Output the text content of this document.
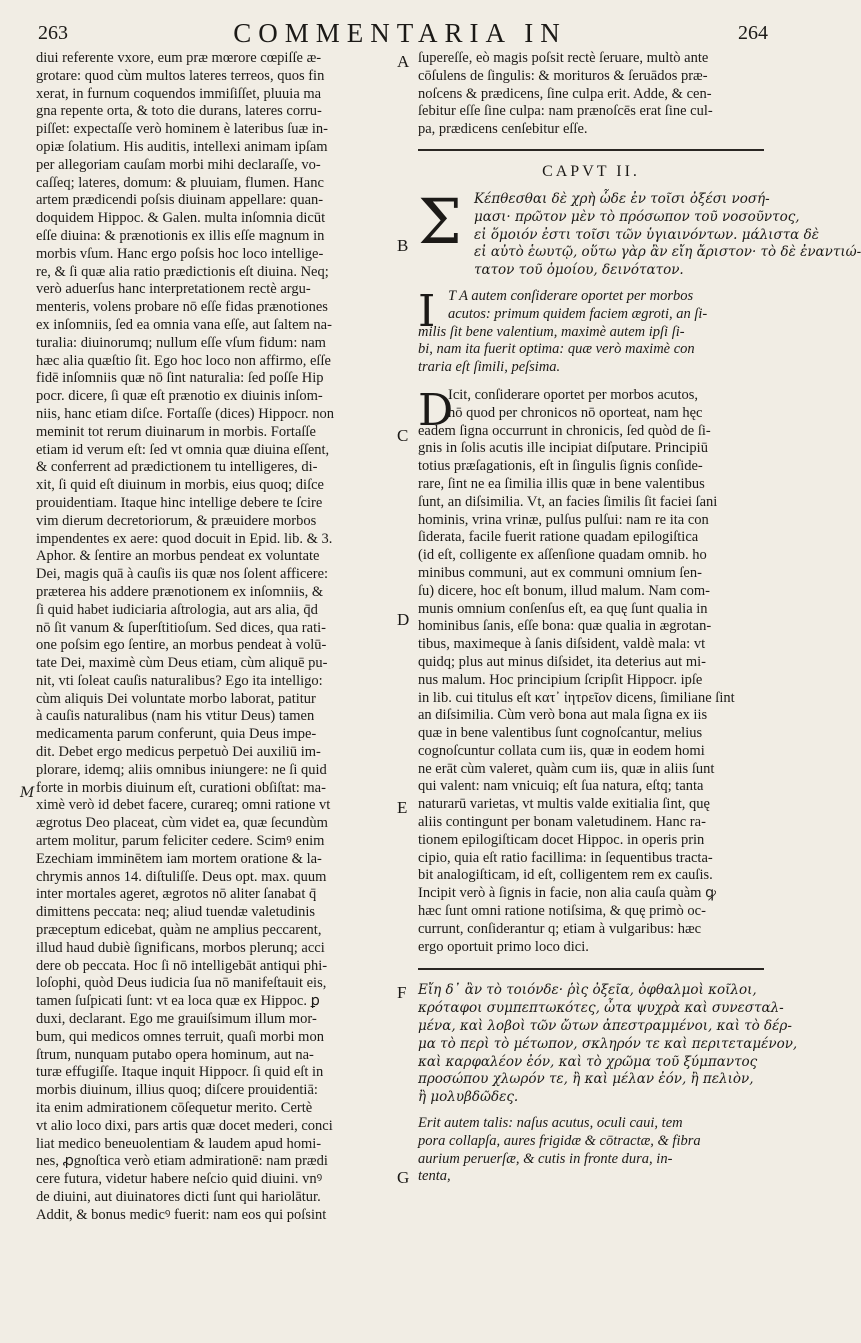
263	COMMENTARIA IN	264
diui referente vxore, eum præ mœrore cœpiſſe æ-
grotare: quod cùm multos lateres terreos, quos fin
xerat, in furnum coquendos immiſiſſet, pluuia ma
gna repente orta, & toto die durans, lateres corru-
piſſet: expectaſſe verò hominem è lateribus ſuæ in-
opiæ ſolatium. His auditis, intellexi animam ipſam
per allegoriam cauſam morbi mihi declaraſſe, vo-
caſſeq; lateres, domum: & pluuiam, flumen. Hanc
artem prædicendi poſsis diuinam appellare: quan-
doquidem Hippoc. & Galen. multa inſomnia dicūt
eſſe diuina: & prænotionis ex illis eſſe magnum in
morbis vſum. Hanc ergo poſsis hoc loco intellige-
re, & ſi quæ alia ratio prædictionis eſt diuina. Neq;
verò aduerſus hanc interpretationem rectè argu-
menteris, volens probare nō eſſe fidas prænotiones
ex inſomniis, ſed ea omnia vana eſſe, aut ſaltem na-
turalia: diuinorumq; nullum eſſe vſum fidum: nam
hæc alia quæſtio ſit. Ego hoc loco non affirmo, eſſe
fidē inſomniis quæ nō ſint naturalia: ſed poſſe Hip
pocr. dicere, ſi quæ eſt prænotio ex diuinis inſom-
niis, hanc etiam diſce. Fortaſſe (dices) Hippocr. non
meminit tot rerum diuinarum in morbis. Fortaſſe
etiam id verum eſt: ſed vt omnia quæ diuina eſſent,
& conferrent ad prædictionem tu intelligeres, di-
xit, ſi quid eſt diuinum in morbis, eius quoq; diſce
prouidentiam. Itaque hinc intellige debere te ſcire
vim dierum decretoriorum, & præuidere morbos
impendentes ex aere: quod docuit in Epid. lib. & 3.
Aphor. & ſentire an morbus pendeat ex voluntate
Dei, magis quā à cauſis iis quæ nos ſolent afficere:
præterea his addere prænotionem ex inſomniis, &
ſi quid habet iudiciaria aſtrologia, aut ars alia, q̄d
nō ſit vanum & ſuperſtitioſum. Sed dices, qua rati-
one poſsim ego ſentire, an morbus pendeat à volū-
tate Dei, maximè cùm Deus etiam, cùm aliquē pu-
nit, vti ſoleat cauſis naturalibus? Ego ita intelligo:
cùm aliquis Dei voluntate morbo laborat, patitur
à cauſis naturalibus (nam his vtitur Deus) tamen
medicamenta parum conferunt, quia Deus impe-
dit. Debet ergo medicus perpetuò Dei auxiliū im-
plorare, idemq; aliis omnibus iniungere: ne ſi quid
forte in morbis diuinum eſt, curationi obſiſtat: ma-
ximè verò id debet facere, curareq; omni ratione vt
ægrotus Deo placeat, cùm videt ea, quæ ſecundùm
artem molitur, parum feliciter cedere. Scimꝰ enim
Ezechiam imminētem iam mortem oratione & la-
chrymis annos 14. diſtuliſſe. Deus opt. max. quum
inter mortales ageret, ægrotos nō aliter ſanabat q̄
dimittens peccata: neq; aliud tuendæ valetudinis
præceptum edicebat, quàm ne amplius peccarent,
illud haud dubiè ſignificans, morbos plerunq; acci
dere ob peccata. Hoc ſi nō intelligebāt antiqui phi-
loſophi, quòd Deus iudicia ſua nō manifeſtauit eis,
tamen ſuſpicati ſunt: vt ea loca quæ ex Hippoc. ꝑ
duxi, declarant. Ego me grauiſsimum illum mor-
bum, qui medicos omnes terruit, quaſi morbi mon
ſtrum, nunquam putabo opera hominum, aut na-
turæ effugiſſe. Itaque inquit Hippocr. ſi quid eſt in
morbis diuinum, illius quoq; diſcere prouidentiā:
ita enim admirationem cōſequetur merito. Certè
vt alio loco dixi, pars artis quæ docet mederi, conci
liat medico beneuolentiam & laudem apud homi-
nes, ꝓgnoſtica verò etiam admirationē: nam prædi
cere futura, videtur habere neſcio quid diuini. vnꝰ
de diuini, aut diuinatores dicti ſunt qui hariolātur.
Addit, & bonus medicꝰ fuerit: nam eos qui poſsint
A
B
C
D
E
F
G
M
ſupereſſe, eò magis poſsit rectè ſeruare, multò ante
cōſulens de ſingulis: & morituros & ſeruādos præ-
noſcens & prædicens, ſine culpa erit. Adde, & cen-
ſebitur eſſe ſine culpa: nam prænoſcēs erat ſine cul-
pa, prædicens cenſebitur eſſe.
CAPVT II.
Σ Κέπθεσθαι δὲ χρὴ ὧδε ἐν τοῖσι ὀξέσι νοσή-
μασι· πρῶτον μὲν τὸ πρόσωπον τοῦ νοσοῦντος,
εἰ ὅμοιόν ἐστι τοῖσι τῶν ὑγιαινόντων. μάλιστα δὲ
εἰ αὐτὸ ἑωυτῷ, οὕτω γὰρ ἂν εἴη ἄριστον· τὸ δὲ ἐναντιώ-
τατον τοῦ ὁμοίου, δεινότατον.
I T A autem conſiderare oportet per morbos
acutos: primum quidem faciem ægroti, an ſi-
milis ſit bene valentium, maximè autem ipſi ſi-
bi, nam ita fuerit optima: quæ verò maximè con
traria eſt ſimili, peſsima.
D
Icit, conſiderare oportet per morbos acutos,
nō quod per chronicos nō oporteat, nam hęc
eadem ſigna occurrunt in chronicis, ſed quòd de ſi-
gnis in ſolis acutis ille incipiat diſputare. Principiū
totius præſagationis, eſt in ſingulis ſignis conſide-
rare, ſint ne ea ſimilia illis quæ in bene valentibus
ſunt, an diſsimilia. Vt, an facies ſimilis ſit faciei ſani
hominis, vrina vrinæ, pulſus pulſui: nam re ita con
ſiderata, facile fuerit ratione quadam epilogiſtica
(id eſt, colligente ex aſſenſione quadam omnib. ho
minibus communi, aut ex communi omnium ſen-
ſu) dicere, hoc eſt bonum, illud malum. Nam com-
munis omnium conſenſus eſt, ea quę ſunt qualia in
hominibus ſanis, eſſe bona: quæ qualia in ægrotan-
tibus, maximeque à ſanis diſsident, valdè mala: vt
quidq; plus aut minus diſsidet, ita deterius aut mi-
nus malum. Hoc principium ſcripſit Hippocr. ipſe
in lib. cui titulus eſt κατ᾽ ἰητρεῖον dicens, ſimiliane ſint
an diſsimilia. Cùm verò bona aut mala ſigna ex iis
quæ in bene valentibus ſunt cognoſcantur, melius
cognoſcuntur collata cum iis, quæ in eodem homi
ne erāt cùm valeret, quàm cum iis, quæ in aliis ſunt
qui valent: nam vnicuiq; eſt ſua natura, eſtq; tanta
naturarū varietas, vt multis valde exitialia ſint, quę
aliis contingunt per bonam valetudinem. Hanc ra-
tionem epilogiſticam docet Hippoc. in operis prin
cipio, quia eſt ratio facillima: in ſequentibus tracta-
bit analogiſticam, id eſt, colligentem rem ex cauſis.
Incipit verò à ſignis in facie, non alia cauſa quàm ꝙ
hæc ſunt omni ratione notiſsima, & quę primò oc-
currunt, conſiderantur q; etiam à vulgaribus: hæc
ergo oportuit primo loco dici.
Εἴη δ᾽ ἂν τὸ τοιόνδε· ῥὶς ὀξεῖα, ὀφθαλμοὶ κοῖλοι,
κρόταφοι συμπεπτωκότες, ὦτα ψυχρὰ καὶ συνεσταλ-
μένα, καὶ λοβοὶ τῶν ὤτων ἀπεστραμμένοι, καὶ τὸ δέρ-
μα τὸ περὶ τὸ μέτωπον, σκληρόν τε καὶ περιτεταμένον,
καὶ καρφαλέον ἐόν, καὶ τὸ χρῶμα τοῦ ξύμπαντος
προσώπου χλωρόν τε, ἢ καὶ μέλαν ἐόν, ἢ πελιὸν,
ἢ μολυβδῶδες.
Erit autem talis: naſus acutus, oculi caui, tem
pora collapſa, aures frigidæ & cōtractæ, & fibra
aurium peruerſæ, & cutis in fronte dura, in-
tenta,
